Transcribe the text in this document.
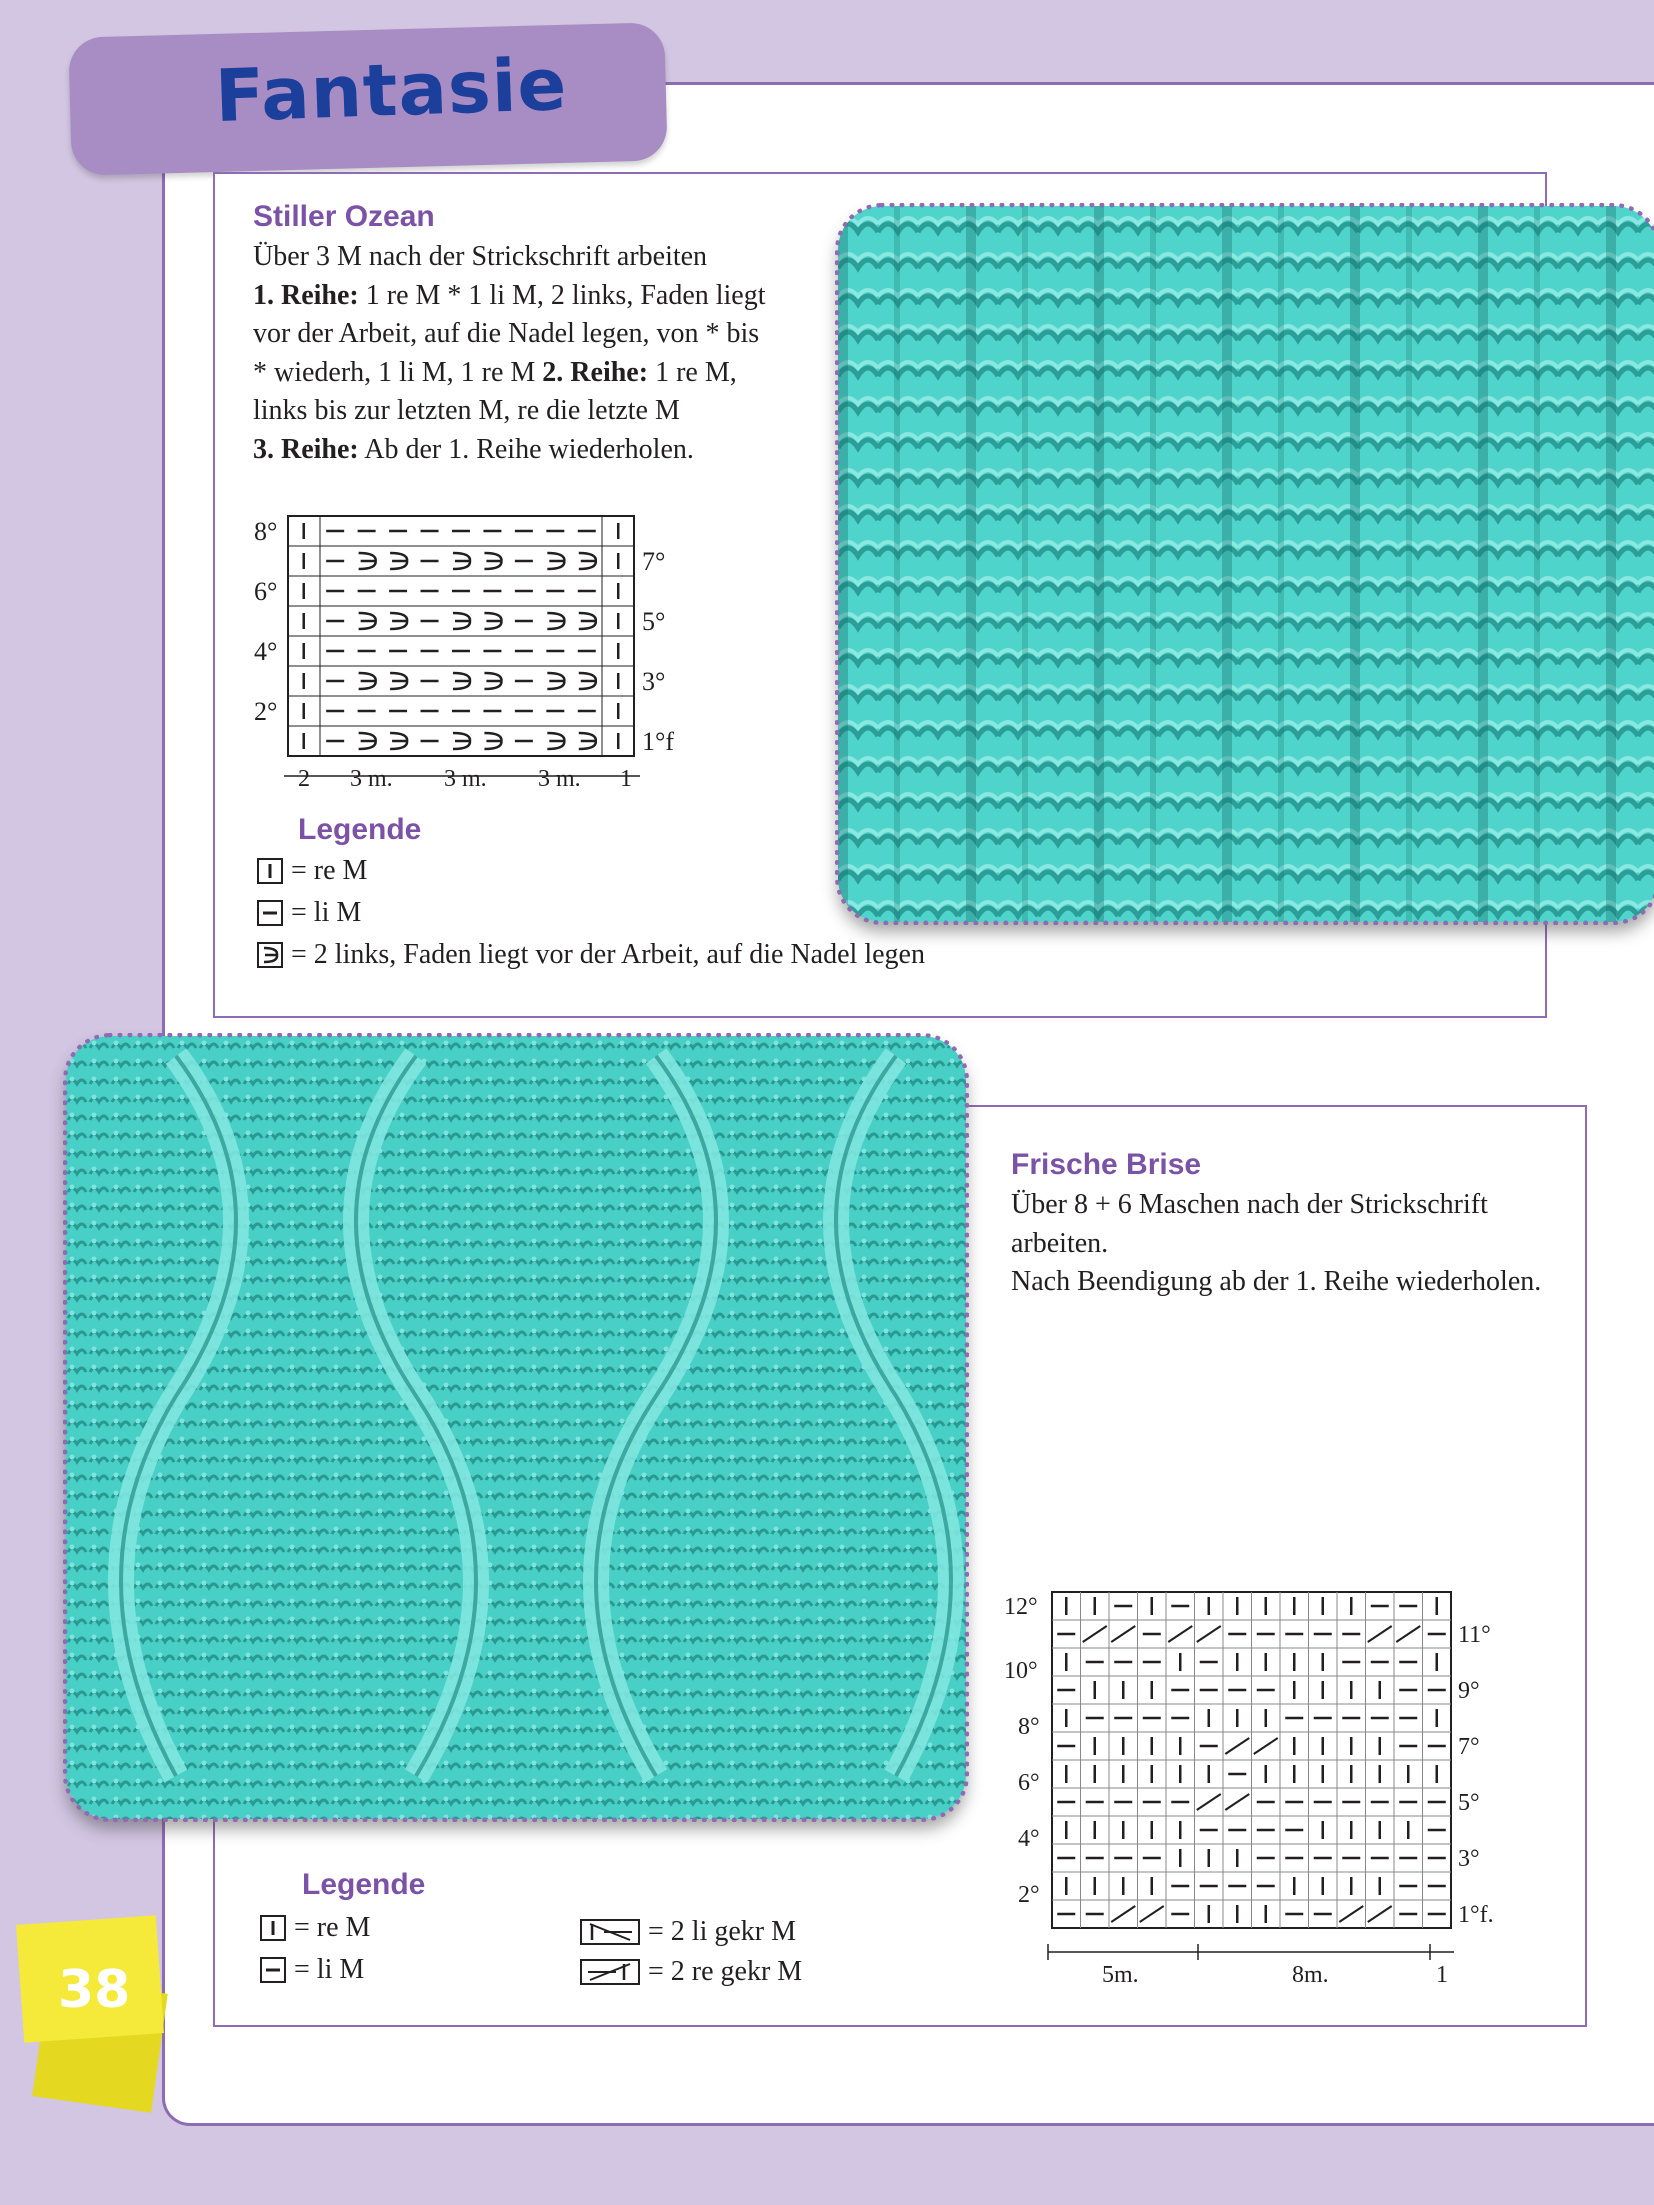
Fantasie
Stiller Ozean
Über 3 M nach der Strickschrift arbeiten
1. Reihe: 1 re M * 1 li M, 2 links, Faden liegt
vor der Arbeit, auf die Nadel legen, von * bis
* wiederh, 1 li M, 1 re M 2. Reihe: 1 re M,
links bis zur letzten M, re die letzte M
3. Reihe: Ab der 1. Reihe wiederholen.
8°
6°
4°
2°
7°
5°
3°
1°f
2 3 m. 3 m. 3 m. 1
Legende
= re M
= li M
= 2 links, Faden liegt vor der Arbeit, auf die Nadel legen
Frische Brise
Über 8 + 6 Maschen nach der Strickschrift
arbeiten.
Nach Beendigung ab der 1. Reihe wiederholen.
12°
10°
8°
6°
4°
2°
11°
9°
7°
5°
3°
1°f.
5m.	8m.	1
Legende
= re M
= li M
= 2 li gekr M
= 2 re gekr M

38
